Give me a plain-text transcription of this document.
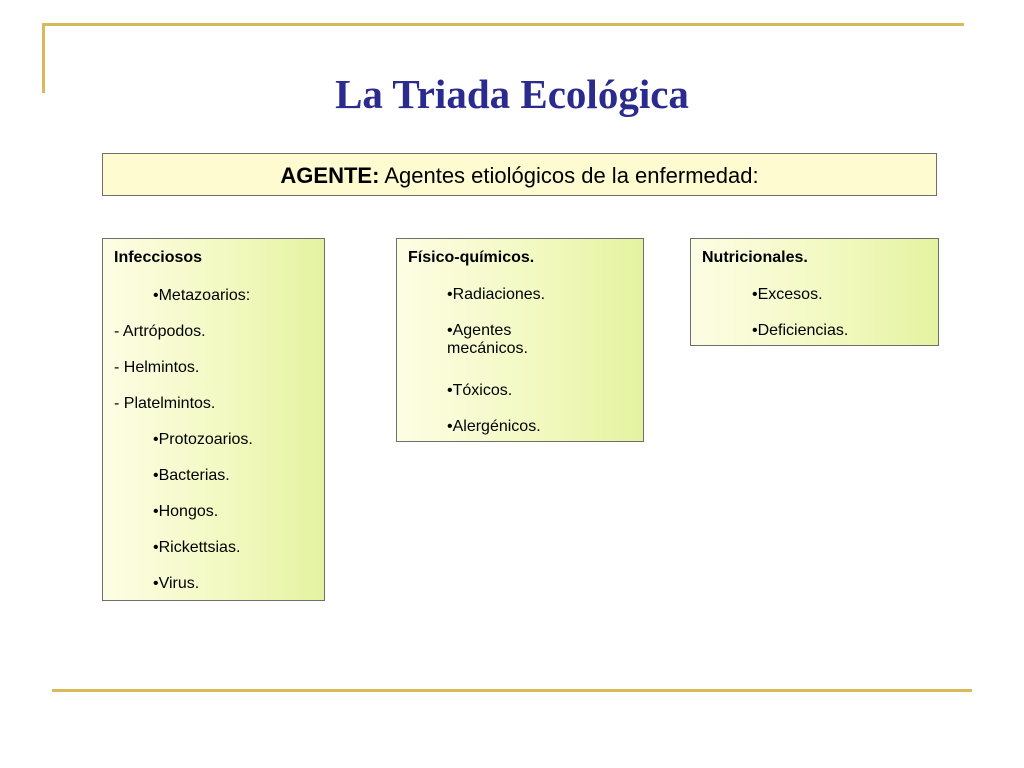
La Triada Ecológica
AGENTE: Agentes etiológicos de la enfermedad:
Infecciosos
•Metazoarios:
- Artrópodos.
- Helmintos.
- Platelmintos.
•Protozoarios.
•Bacterias.
•Hongos.
•Rickettsias.
•Virus.
Físico-químicos.
•Radiaciones.
•Agentes mecánicos.
•Tóxicos.
•Alergénicos.
Nutricionales.
•Excesos.
•Deficiencias.
